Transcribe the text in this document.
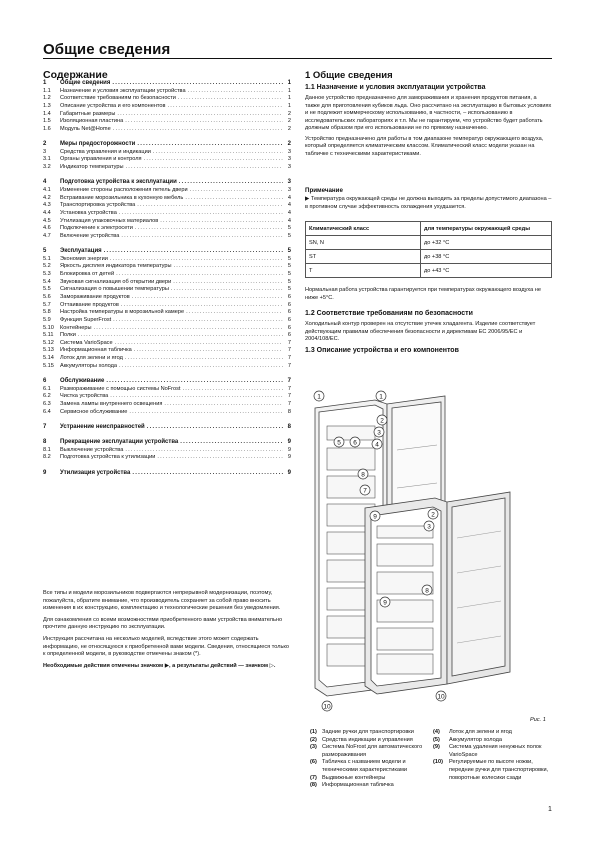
Общие сведения
Содержание
1	Общие сведения .....	1
1.1	Назначение и условия эксплуатации устройства .....	1
1.2	Соответствие требованиям по безопасности .....	1
1.3	Описание устройства и его компонентов .....	1
1.4	Габаритные размеры .....	2
1.5	Изоляционная пластина .....	2
1.6	Модуль Net@Home .....	2
2	Меры предосторожности .....	2
3	Средства управления и индикации .....	3
3.1	Органы управления и контроля .....	3
3.2	Индикатор температуры .....	3
4	Подготовка устройства к эксплуатации .....	3
4.1	Изменение стороны расположения петель двери .....	3
4.2	Встраивание морозильника в кухонную мебель .....	4
4.3	Транспортировка устройства .....	4
4.4	Установка устройства .....	4
4.5	Утилизация упаковочных материалов .....	4
4.6	Подключение к электросети .....	5
4.7	Включение устройства .....	5
5	Эксплуатация .....	5
5.1	Экономия энергии .....	5
5.2	Яркость дисплея индикатора температуры .....	5
5.3	Блокировка от детей .....	5
5.4	Звуковая сигнализация об открытии двери .....	5
5.5	Сигнализация о повышении температуры .....	5
5.6	Замораживание продуктов .....	6
5.7	Оттаивание продуктов .....	6
5.8	Настройка температуры в морозильной камере .....	6
5.9	Функция SuperFrost .....	6
5.10	Контейнеры .....	6
5.11	Полки .....	6
5.12	Система VarioSpace .....	7
5.13	Информационная табличка .....	7
5.14	Лоток для зелени и ягод .....	7
5.15	Аккумуляторы холода .....	7
6	Обслуживание .....	7
6.1	Размораживание с помощью системы NoFrost .....	7
6.2	Чистка устройства .....	7
6.3	Замена лампы внутреннего освещения .....	7
6.4	Сервисное обслуживание .....	8
7	Устранение неисправностей .....	8
8	Прекращение эксплуатации устройства .....	9
8.1	Выключение устройства .....	9
8.2	Подготовка устройства к утилизации .....	9
9	Утилизация устройства .....	9

Все типы и модели морозильников подвергаются непрерывной модернизации, поэтому, пожалуйста, обратите внимание, что производитель сохраняет за собой право вносить изменения в их конструкцию, комплектацию и технологические решения без уведомления.

Для ознакомления со всеми возможностями приобретенного вами устройства внимательно прочтите данную инструкцию по эксплуатации.

Инструкция рассчитана на несколько моделей, вследствие этого может содержать информацию, не относящуюся к приобретенной вами модели. Сведения, относящиеся только к определенной модели, в руководстве отмечены знаком (*).

Необходимые действия отмечены значком ▶, а результаты действий — значком ▷.

1 Общие сведения
1.1 Назначение и условия эксплуатации устройства

Данное устройство предназначено для замораживания и хранения продуктов питания, а также для приготовления кубиков льда. Оно рассчитано на эксплуатацию в бытовых условиях и не подлежит коммерческому использованию, в частности, – использованию в исследовательских лабораториях и т.п. Мы не гарантируем, что устройство будет работать должным образом при его использовании не по прямому назначению.

Устройство предназначено для работы в том диапазоне температур окружающего воздуха, который определяется климатическим классом. Климатический класс модели указан на табличке с техническими характеристиками.

Примечание
▶ Температура окружающей среды не должна выходить за пределы допустимого диапазона – в противном случае эффективность охлаждения ухудшается.
Климатический класс	для температуры окружающей среды
SN, N	до +32 °C
ST	до +38 °C
T	до +43 °C
Нормальная работа устройства гарантируется при температурах окружающего воздуха не ниже +5°C.
1.2 Соответствие требованиям по безопасности
Холодильный контур проверен на отсутствие утечек хладагента. Изделие соответствует действующим правилам обеспечения безопасности и директивам ЕС 2006/95/EC и 2004/108/EC.
1.3 Описание устройства и его компонентов
1	1
2
3
4
5 6
7
8
9
10
2
3
8
9
10
Рис. 1
(1) Задние ручки для транспортировки
(2) Средства индикации и управления
(3) Система NoFrost для автоматического размораживания
(6) Табличка с названием модели и техническими характеристиками
(7) Выдвижные контейнеры
(8) Информационная табличка
(4)	Лоток для зелени и ягод
(5)	Аккумулятор холода
(9)	Система удаления ненужных полок VarioSpace
(10)	Регулируемые по высоте ножки, передние ручки для транспортировки, поворотные колесики сзади
1
